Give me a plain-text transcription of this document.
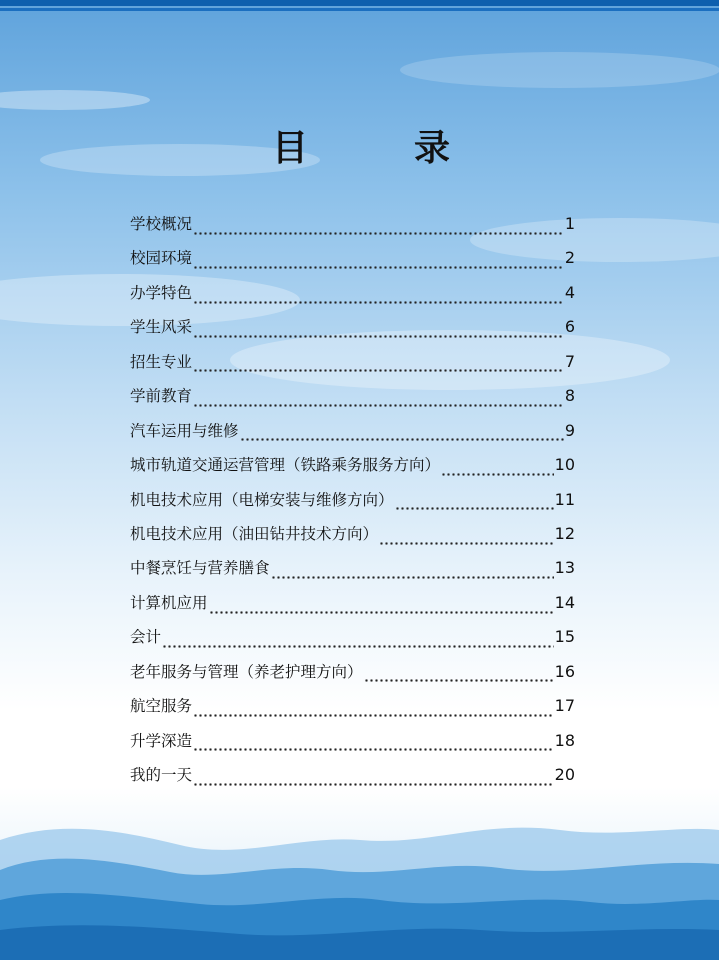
目	录
学校概况	1
校园环境	2
办学特色	4
学生风采	6
招生专业	7
学前教育	8
汽车运用与维修	9
城市轨道交通运营管理（铁路乘务服务方向）	10
机电技术应用（电梯安装与维修方向）	11
机电技术应用（油田钻井技术方向）	12
中餐烹饪与营养膳食	13
计算机应用	14
会计	15
老年服务与管理（养老护理方向）	16
航空服务	17
升学深造	18
我的一天	20
